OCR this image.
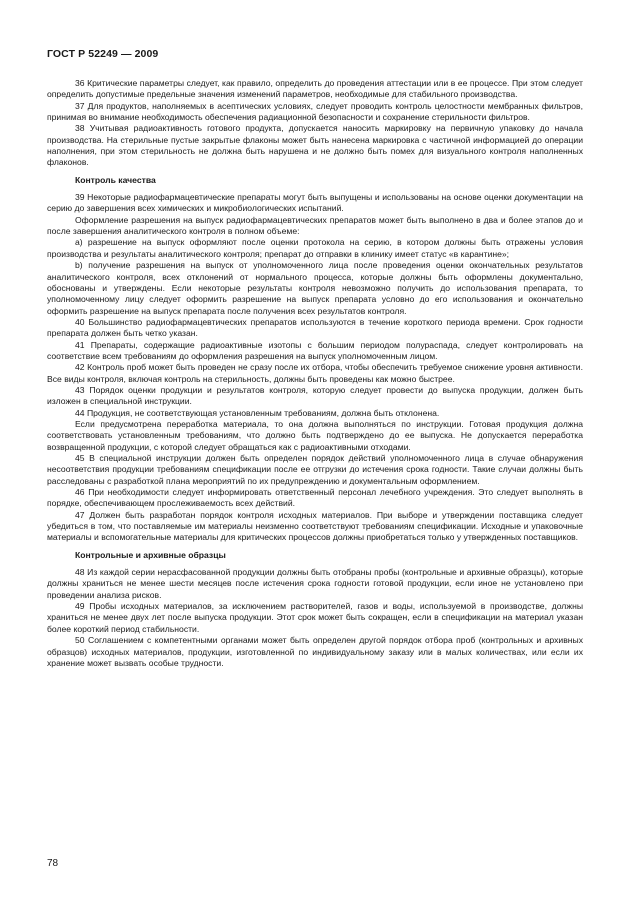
ГОСТ Р 52249 — 2009

36 Критические параметры следует, как правило, определить до проведения аттестации или в ее процессе. При этом следует определить допустимые предельные значения изменений параметров, необходимые для стабильного производства.

37 Для продуктов, наполняемых в асептических условиях, следует проводить контроль целостности мембранных фильтров, принимая во внимание необходимость обеспечения радиационной безопасности и сохранение стерильности фильтров.

38 Учитывая радиоактивность готового продукта, допускается наносить маркировку на первичную упаковку до начала производства. На стерильные пустые закрытые флаконы может быть нанесена маркировка с частичной информацией до операции наполнения, при этом стерильность не должна быть нарушена и не должно быть помех для визуального контроля наполненных флаконов.

Контроль качества

39 Некоторые радиофармацевтические препараты могут быть выпущены и использованы на основе оценки документации на серию до завершения всех химических и микробиологических испытаний.

Оформление разрешения на выпуск радиофармацевтических препаратов может быть выполнено в два и более этапов до и после завершения аналитического контроля в полном объеме:

a) разрешение на выпуск оформляют после оценки протокола на серию, в котором должны быть отражены условия производства и результаты аналитического контроля; препарат до отправки в клинику имеет статус «в карантине»;

b) получение разрешения на выпуск от уполномоченного лица после проведения оценки окончательных результатов аналитического контроля, всех отклонений от нормального процесса, которые должны быть оформлены документально, обоснованы и утверждены. Если некоторые результаты контроля невозможно получить до использования препарата, то уполномоченному лицу следует оформить разрешение на выпуск препарата условно до его использования и окончательно оформить разрешение на выпуск препарата после получения всех результатов контроля.

40 Большинство радиофармацевтических препаратов используются в течение короткого периода времени. Срок годности препарата должен быть четко указан.

41 Препараты, содержащие радиоактивные изотопы с большим периодом полураспада, следует контролировать на соответствие всем требованиям до оформления разрешения на выпуск уполномоченным лицом.

42 Контроль проб может быть проведен не сразу после их отбора, чтобы обеспечить требуемое снижение уровня активности. Все виды контроля, включая контроль на стерильность, должны быть проведены как можно быстрее.

43 Порядок оценки продукции и результатов контроля, которую следует провести до выпуска продукции, должен быть изложен в специальной инструкции.

44 Продукция, не соответствующая установленным требованиям, должна быть отклонена.

Если предусмотрена переработка материала, то она должна выполняться по инструкции. Готовая продукция должна соответствовать установленным требованиям, что должно быть подтверждено до ее выпуска. Не допускается переработка возвращенной продукции, с которой следует обращаться как с радиоактивными отходами.

45 В специальной инструкции должен быть определен порядок действий уполномоченного лица в случае обнаружения несоответствия продукции требованиям спецификации после ее отгрузки до истечения срока годности. Такие случаи должны быть расследованы с разработкой плана мероприятий по их предупреждению и документальным оформлением.

46 При необходимости следует информировать ответственный персонал лечебного учреждения. Это следует выполнять в порядке, обеспечивающем прослеживаемость всех действий.

47 Должен быть разработан порядок контроля исходных материалов. При выборе и утверждении поставщика следует убедиться в том, что поставляемые им материалы неизменно соответствуют требованиям спецификации. Исходные и упаковочные материалы и вспомогательные материалы для критических процессов должны приобретаться только у утвержденных поставщиков.

Контрольные и архивные образцы

48 Из каждой серии нерасфасованной продукции должны быть отобраны пробы (контрольные и архивные образцы), которые должны храниться не менее шести месяцев после истечения срока годности готовой продукции, если иное не установлено при проведении анализа рисков.

49 Пробы исходных материалов, за исключением растворителей, газов и воды, используемой в производстве, должны храниться не менее двух лет после выпуска продукции. Этот срок может быть сокращен, если в спецификации на материал указан более короткий период стабильности.

50 Соглашением с компетентными органами может быть определен другой порядок отбора проб (контрольных и архивных образцов) исходных материалов, продукции, изготовленной по индивидуальному заказу или в малых количествах, или если их хранение может вызвать особые трудности.

78
